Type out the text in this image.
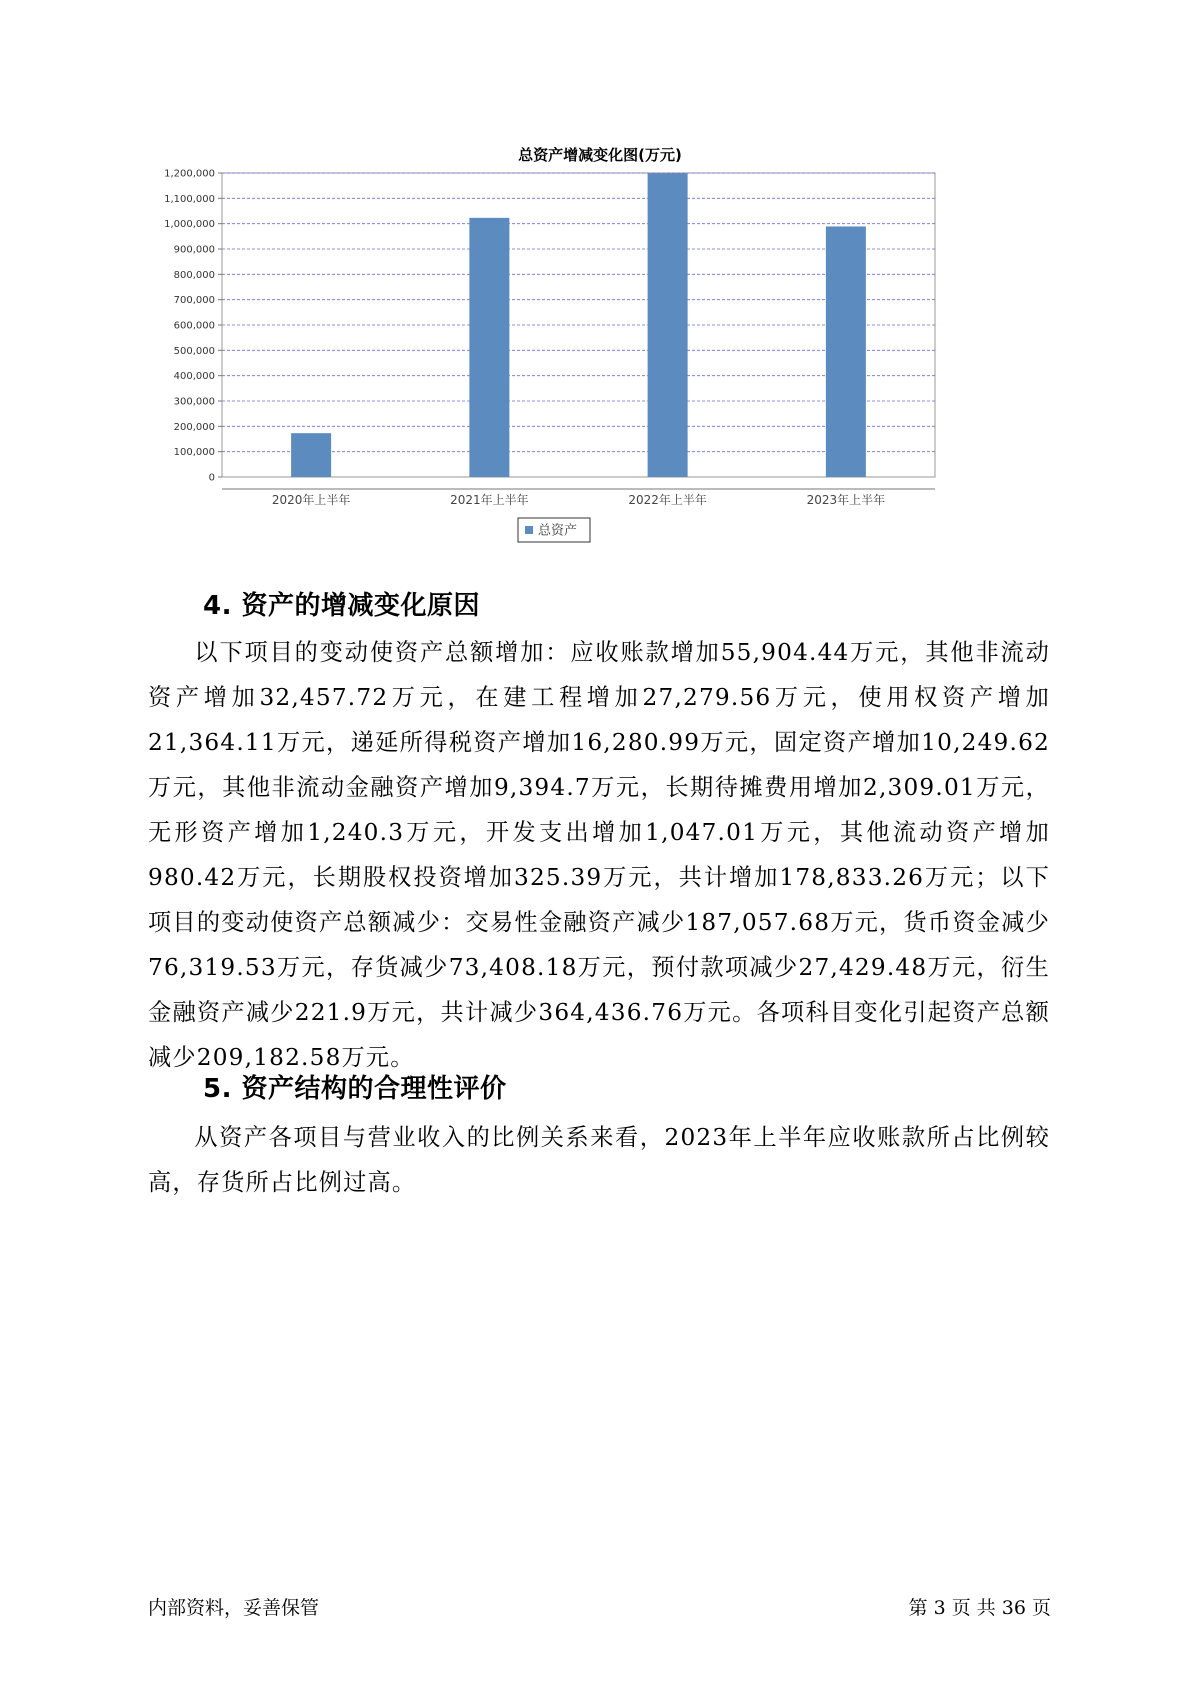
总资产增减变化图(万元)
0
100,000
200,000
300,000
400,000
500,000
600,000
700,000
800,000
900,000
1,000,000
1,100,000
1,200,000
2020年上半年	2021年上半年	2022年上半年	2023年上半年
总资产
4. 资产的增减变化原因

以下项目的变动使资产总额增加：应收账款增加55,904.44万元，其他非流动资产增加32,457.72万元，在建工程增加27,279.56万元，使用权资产增加21,364.11万元，递延所得税资产增加16,280.99万元，固定资产增加10,249.62万元，其他非流动金融资产增加9,394.7万元，长期待摊费用增加2,309.01万元，无形资产增加1,240.3万元，开发支出增加1,047.01万元，其他流动资产增加980.42万元，长期股权投资增加325.39万元，共计增加178,833.26万元；以下项目的变动使资产总额减少：交易性金融资产减少187,057.68万元，货币资金减少76,319.53万元，存货减少73,408.18万元，预付款项减少27,429.48万元，衍生金融资产减少221.9万元，共计减少364,436.76万元。各项科目变化引起资产总额减少209,182.58万元。

5. 资产结构的合理性评价

从资产各项目与营业收入的比例关系来看，2023年上半年应收账款所占比例较高，存货所占比例过高。

内部资料，妥善保管	第 3 页 共 36 页
